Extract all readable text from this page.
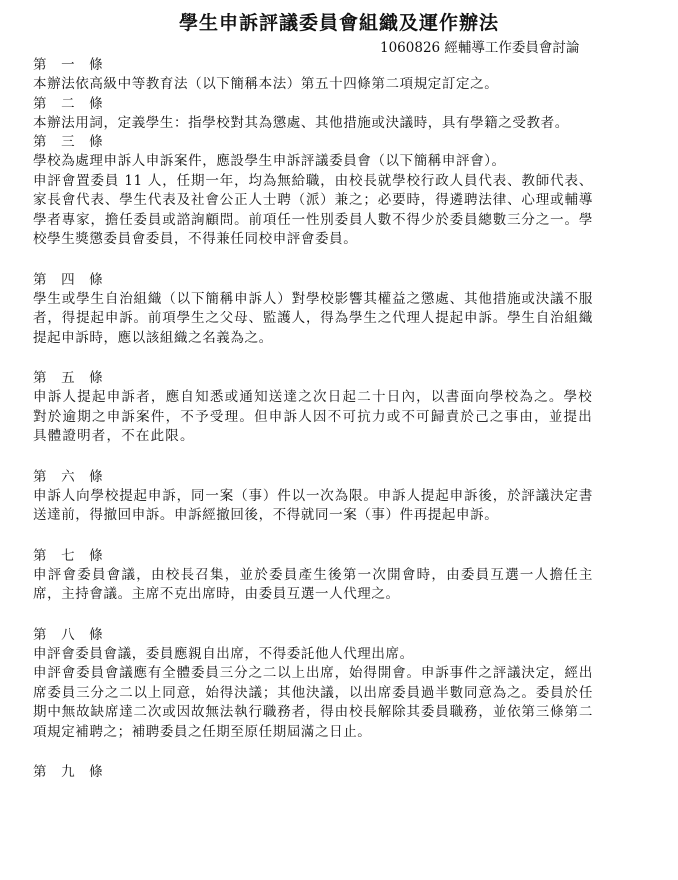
學生申訴評議委員會組織及運作辦法
1060826 經輔導工作委員會討論
第  一  條

本辦法依高級中等教育法（以下簡稱本法）第五十四條第二項規定訂定之。

第  二  條

本辦法用詞，定義學生：指學校對其為懲處、其他措施或決議時，具有學籍之受教者。

第  三  條

學校為處理申訴人申訴案件，應設學生申訴評議委員會（以下簡稱申評會）。

申評會置委員 11 人，任期一年，均為無給職，由校長就學校行政人員代表、教師代表、家長會代表、學生代表及社會公正人士聘（派）兼之；必要時，得遴聘法律、心理或輔導學者專家，擔任委員或諮詢顧問。前項任一性別委員人數不得少於委員總數三分之一。學校學生獎懲委員會委員，不得兼任同校申評會委員。

第  四  條

學生或學生自治組織（以下簡稱申訴人）對學校影響其權益之懲處、其他措施或決議不服者，得提起申訴。前項學生之父母、監護人，得為學生之代理人提起申訴。學生自治組織提起申訴時，應以該組織之名義為之。

第  五  條

申訴人提起申訴者，應自知悉或通知送達之次日起二十日內，以書面向學校為之。學校對於逾期之申訴案件，不予受理。但申訴人因不可抗力或不可歸責於己之事由，並提出具體證明者，不在此限。

第  六  條

申訴人向學校提起申訴，同一案（事）件以一次為限。申訴人提起申訴後，於評議決定書送達前，得撤回申訴。申訴經撤回後，不得就同一案（事）件再提起申訴。

第  七  條

申評會委員會議，由校長召集，並於委員產生後第一次開會時，由委員互選一人擔任主席，主持會議。主席不克出席時，由委員互選一人代理之。

第  八  條

申評會委員會議，委員應親自出席，不得委託他人代理出席。

申評會委員會議應有全體委員三分之二以上出席，始得開會。申訴事件之評議決定，經出席委員三分之二以上同意，始得決議；其他決議，以出席委員過半數同意為之。委員於任期中無故缺席達二次或因故無法執行職務者，得由校長解除其委員職務，並依第三條第二項規定補聘之；補聘委員之任期至原任期屆滿之日止。

第  九  條
